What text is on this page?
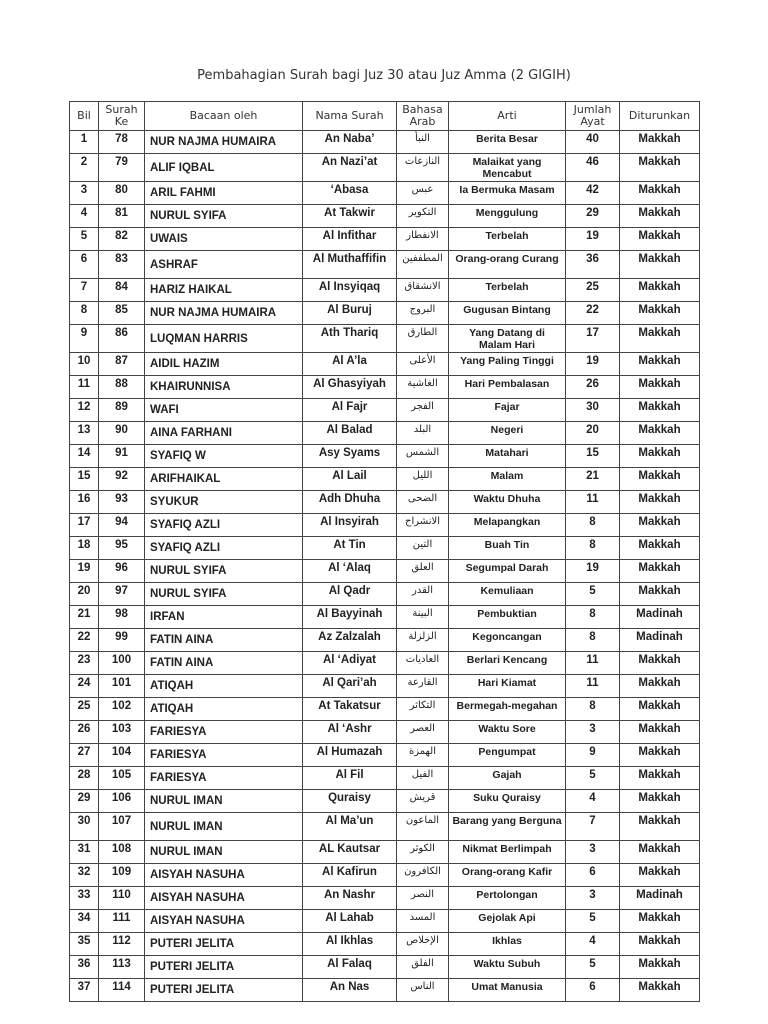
Pembahagian Surah bagi Juz 30 atau Juz Amma (2 GIGIH)
Bil	Surah Ke	Bacaan oleh	Nama Surah	Bahasa Arab	Arti	Jumlah Ayat	Diturunkan
1	78	NUR NAJMA HUMAIRA	An Naba’	النبأ	Berita Besar	40	Makkah
2	79	ALIF IQBAL	An Nazi’at	النازعات	Malaikat yang Mencabut	46	Makkah
3	80	ARIL FAHMI	‘Abasa	عبس	Ia Bermuka Masam	42	Makkah
4	81	NURUL SYIFA	At Takwir	التكوير	Menggulung	29	Makkah
5	82	UWAIS	Al Infithar	الانفطار	Terbelah	19	Makkah
6	83	ASHRAF	Al Muthaffifin	المطففين	Orang-orang Curang	36	Makkah
7	84	HARIZ HAIKAL	Al Insyiqaq	الانشقاق	Terbelah	25	Makkah
8	85	NUR NAJMA HUMAIRA	Al Buruj	البروج	Gugusan Bintang	22	Makkah
9	86	LUQMAN HARRIS	Ath Thariq	الطارق	Yang Datang di Malam Hari	17	Makkah
10	87	AIDIL HAZIM	Al A’la	الأعلى	Yang Paling Tinggi	19	Makkah
11	88	KHAIRUNNISA	Al Ghasyiyah	الغاشية	Hari Pembalasan	26	Makkah
12	89	WAFI	Al Fajr	الفجر	Fajar	30	Makkah
13	90	AINA FARHANI	Al Balad	البلد	Negeri	20	Makkah
14	91	SYAFIQ W	Asy Syams	الشمس	Matahari	15	Makkah
15	92	ARIFHAIKAL	Al Lail	الليل	Malam	21	Makkah
16	93	SYUKUR	Adh Dhuha	الضحى	Waktu Dhuha	11	Makkah
17	94	SYAFIQ AZLI	Al Insyirah	الانشراح	Melapangkan	8	Makkah
18	95	SYAFIQ AZLI	At Tin	التين	Buah Tin	8	Makkah
19	96	NURUL SYIFA	Al ‘Alaq	العلق	Segumpal Darah	19	Makkah
20	97	NURUL SYIFA	Al Qadr	القدر	Kemuliaan	5	Makkah
21	98	IRFAN	Al Bayyinah	البينة	Pembuktian	8	Madinah
22	99	FATIN AINA	Az Zalzalah	الزلزلة	Kegoncangan	8	Madinah
23	100	FATIN AINA	Al ‘Adiyat	العاديات	Berlari Kencang	11	Makkah
24	101	ATIQAH	Al Qari’ah	القارعة	Hari Kiamat	11	Makkah
25	102	ATIQAH	At Takatsur	التكاثر	Bermegah-megahan	8	Makkah
26	103	FARIESYA	Al ‘Ashr	العصر	Waktu Sore	3	Makkah
27	104	FARIESYA	Al Humazah	الهمزة	Pengumpat	9	Makkah
28	105	FARIESYA	Al Fil	الفيل	Gajah	5	Makkah
29	106	NURUL IMAN	Quraisy	قريش	Suku Quraisy	4	Makkah
30	107	NURUL IMAN	Al Ma’un	الماعون	Barang yang Berguna	7	Makkah
31	108	NURUL IMAN	AL Kautsar	الكوثر	Nikmat Berlimpah	3	Makkah
32	109	AISYAH NASUHA	Al Kafirun	الكافرون	Orang-orang Kafir	6	Makkah
33	110	AISYAH NASUHA	An Nashr	النصر	Pertolongan	3	Madinah
34	111	AISYAH NASUHA	Al Lahab	المسد	Gejolak Api	5	Makkah
35	112	PUTERI JELITA	Al Ikhlas	الإخلاص	Ikhlas	4	Makkah
36	113	PUTERI JELITA	Al Falaq	الفلق	Waktu Subuh	5	Makkah
37	114	PUTERI JELITA	An Nas	الناس	Umat Manusia	6	Makkah
